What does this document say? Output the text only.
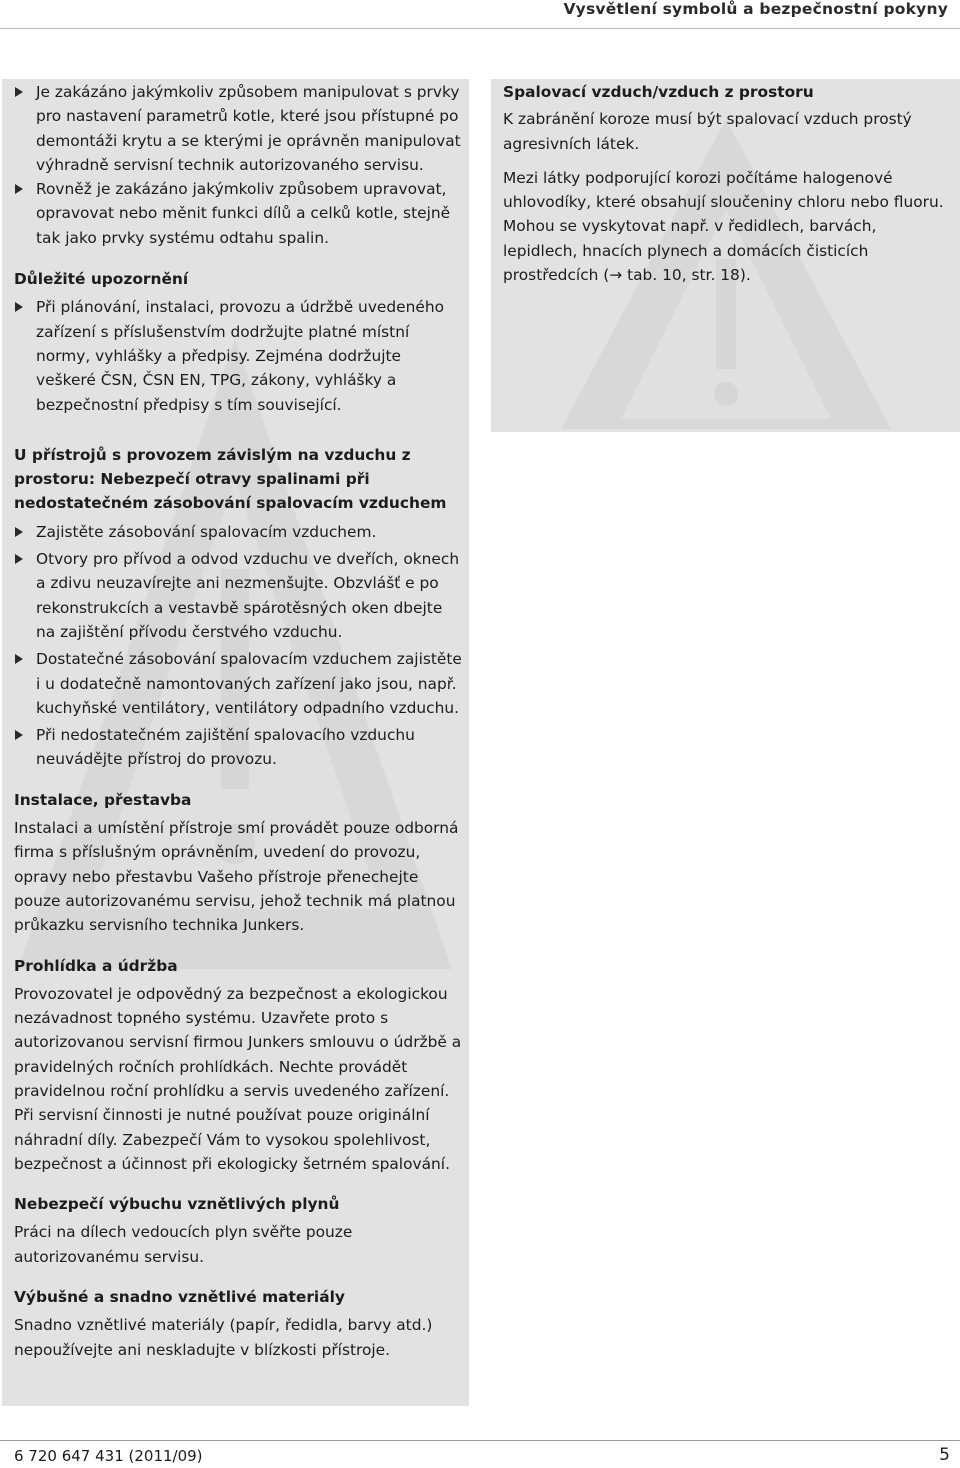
Vysvětlení symbolů a bezpečnostní pokyny
Je zakázáno jakýmkoliv způsobem manipulovat s prvky pro nastavení parametrů kotle, které jsou přístupné po demontáži krytu a se kterými je oprávněn manipulovat výhradně servisní technik autorizovaného servisu.
Rovněž je zakázáno jakýmkoliv způsobem upravovat, opravovat nebo měnit funkci dílů a celků kotle, stejně tak jako prvky systému odtahu spalin.
Důležité upozornění
Při plánování, instalaci, provozu a údržbě uvedeného zařízení s příslušenstvím dodržujte platné místní normy, vyhlášky a předpisy. Zejména dodržujte veškeré ČSN, ČSN EN, TPG, zákony, vyhlášky a bezpečnostní předpisy s tím související.
U přístrojů s provozem závislým na vzduchu z prostoru: Nebezpečí otravy spalinami při nedostatečném zásobování spalovacím vzduchem
Zajistěte zásobování spalovacím vzduchem.
Otvory pro přívod a odvod vzduchu ve dveřích, oknech a zdivu neuzavírejte ani nezmenšujte. Obzvlášť e po rekonstrukcích a vestavbě spárotěsných oken dbejte na zajištění přívodu čerstvého vzduchu.
Dostatečné zásobování spalovacím vzduchem zajistěte i u dodatečně namontovaných zařízení jako jsou, např. kuchyňské ventilátory, ventilátory odpadního vzduchu.
Při nedostatečném zajištění spalovacího vzduchu neuvádějte přístroj do provozu.
Instalace, přestavba

Instalaci a umístění přístroje smí provádět pouze odborná firma s příslušným oprávněním, uvedení do provozu, opravy nebo přestavbu Vašeho přístroje přenechejte pouze autorizovanému servisu, jehož technik má platnou průkazku servisního technika Junkers.

Prohlídka a údržba

Provozovatel je odpovědný za bezpečnost a ekologickou nezávadnost topného systému. Uzavřete proto s autorizovanou servisní firmou Junkers smlouvu o údržbě a pravidelných ročních prohlídkách. Nechte provádět pravidelnou roční prohlídku a servis uvedeného zařízení. Při servisní činnosti je nutné používat pouze originální náhradní díly. Zabezpečí Vám to vysokou spolehlivost, bezpečnost a účinnost při ekologicky šetrném spalování.

Nebezpečí výbuchu vznětlivých plynů

Práci na dílech vedoucích plyn svěřte pouze autorizovanému servisu.

Výbušné a snadno vznětlivé materiály

Snadno vznětlivé materiály (papír, ředidla, barvy atd.) nepoužívejte ani neskladujte v blízkosti přístroje.

Spalovací vzduch/vzduch z prostoru

K zabránění koroze musí být spalovací vzduch prostý agresivních látek.

Mezi látky podporující korozi počítáme halogenové uhlovodíky, které obsahují sloučeniny chloru nebo fluoru. Mohou se vyskytovat např. v ředidlech, barvách, lepidlech, hnacích plynech a domácích čisticích prostředcích (→ tab. 10, str. 18).

6 720 647 431 (2011/09)	5
